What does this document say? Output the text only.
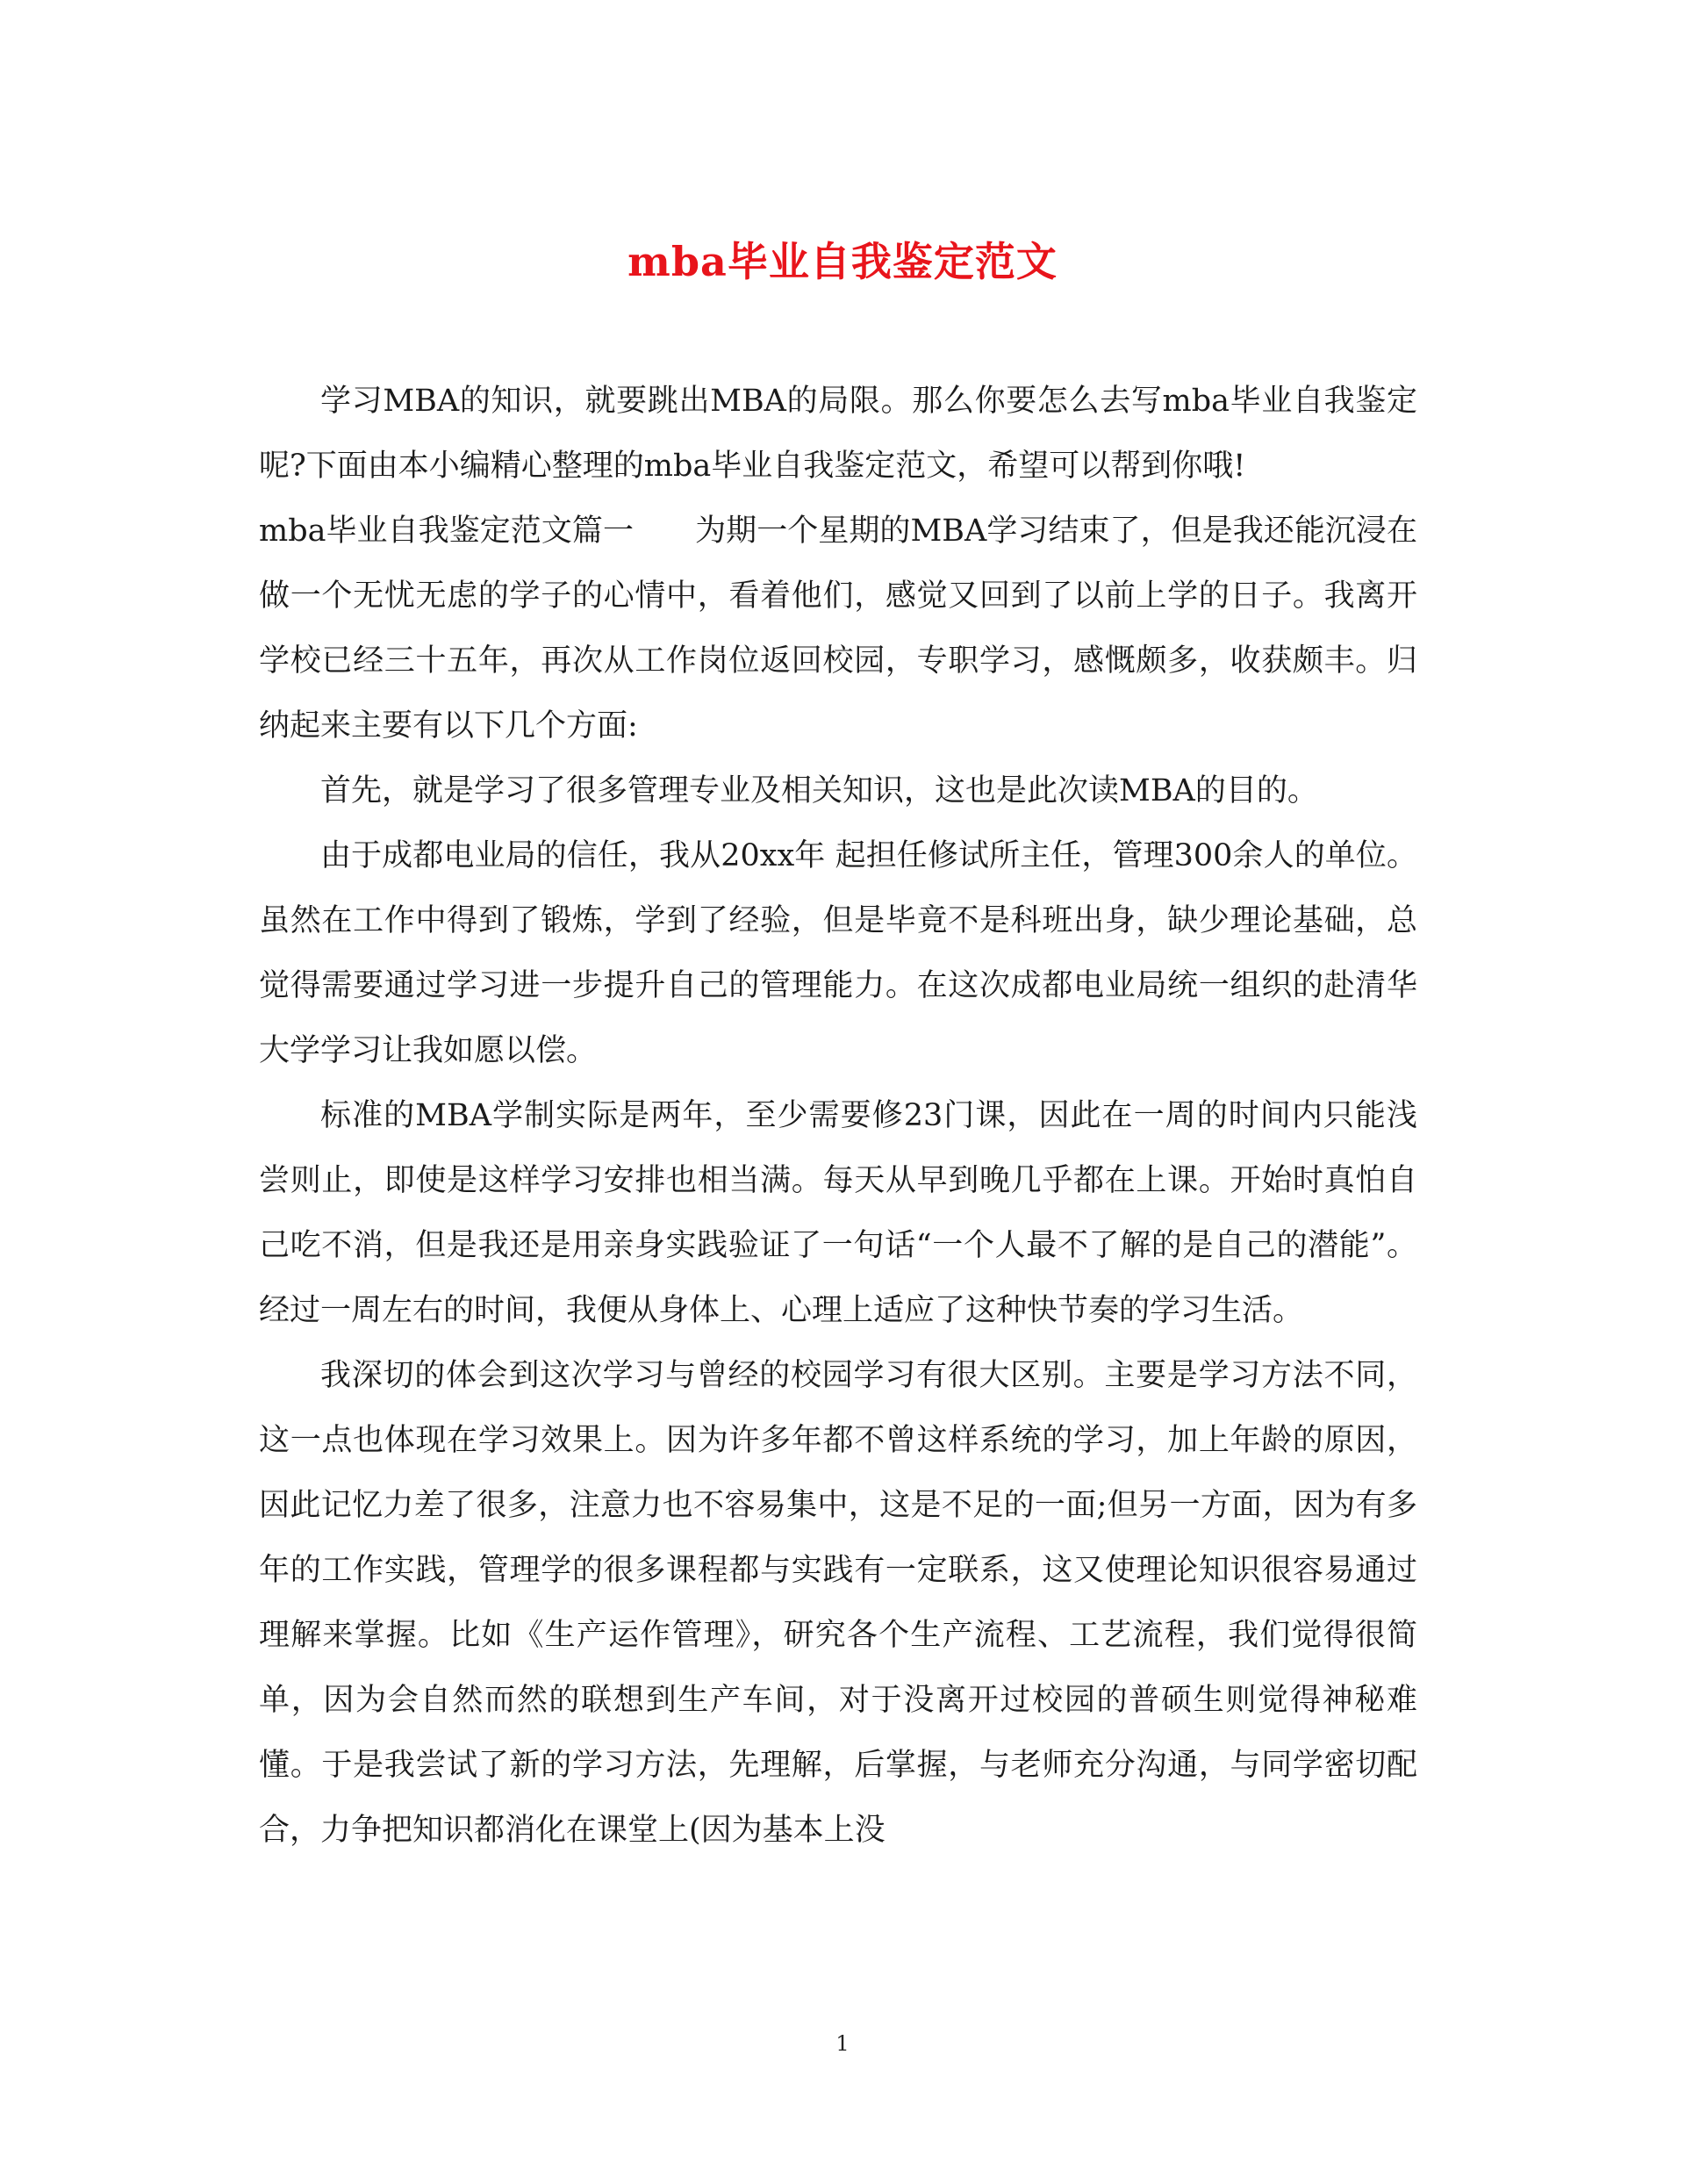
mba毕业自我鉴定范文

学习MBA的知识，就要跳出MBA的局限。那么你要怎么去写mba毕业自我鉴定呢?下面由本小编精心整理的mba毕业自我鉴定范文，希望可以帮到你哦!

mba毕业自我鉴定范文篇一　　为期一个星期的MBA学习结束了，但是我还能沉浸在做一个无忧无虑的学子的心情中，看着他们，感觉又回到了以前上学的日子。我离开学校已经三十五年，再次从工作岗位返回校园，专职学习，感慨颇多，收获颇丰。归纳起来主要有以下几个方面:

首先，就是学习了很多管理专业及相关知识，这也是此次读MBA的目的。

由于成都电业局的信任，我从20xx年 起担任修试所主任，管理300余人的单位。虽然在工作中得到了锻炼，学到了经验，但是毕竟不是科班出身，缺少理论基础，总觉得需要通过学习进一步提升自己的管理能力。在这次成都电业局统一组织的赴清华大学学习让我如愿以偿。

标准的MBA学制实际是两年，至少需要修23门课，因此在一周的时间内只能浅尝则止，即使是这样学习安排也相当满。每天从早到晚几乎都在上课。开始时真怕自己吃不消，但是我还是用亲身实践验证了一句话“一个人最不了解的是自己的潜能”。经过一周左右的时间，我便从身体上、心理上适应了这种快节奏的学习生活。

我深切的体会到这次学习与曾经的校园学习有很大区别。主要是学习方法不同，这一点也体现在学习效果上。因为许多年都不曾这样系统的学习，加上年龄的原因，因此记忆力差了很多，注意力也不容易集中，这是不足的一面;但另一方面，因为有多年的工作实践，管理学的很多课程都与实践有一定联系，这又使理论知识很容易通过理解来掌握。比如《生产运作管理》，研究各个生产流程、工艺流程，我们觉得很简单，因为会自然而然的联想到生产车间，对于没离开过校园的普硕生则觉得神秘难懂。于是我尝试了新的学习方法，先理解，后掌握，与老师充分沟通，与同学密切配合，力争把知识都消化在课堂上(因为基本上没

1
